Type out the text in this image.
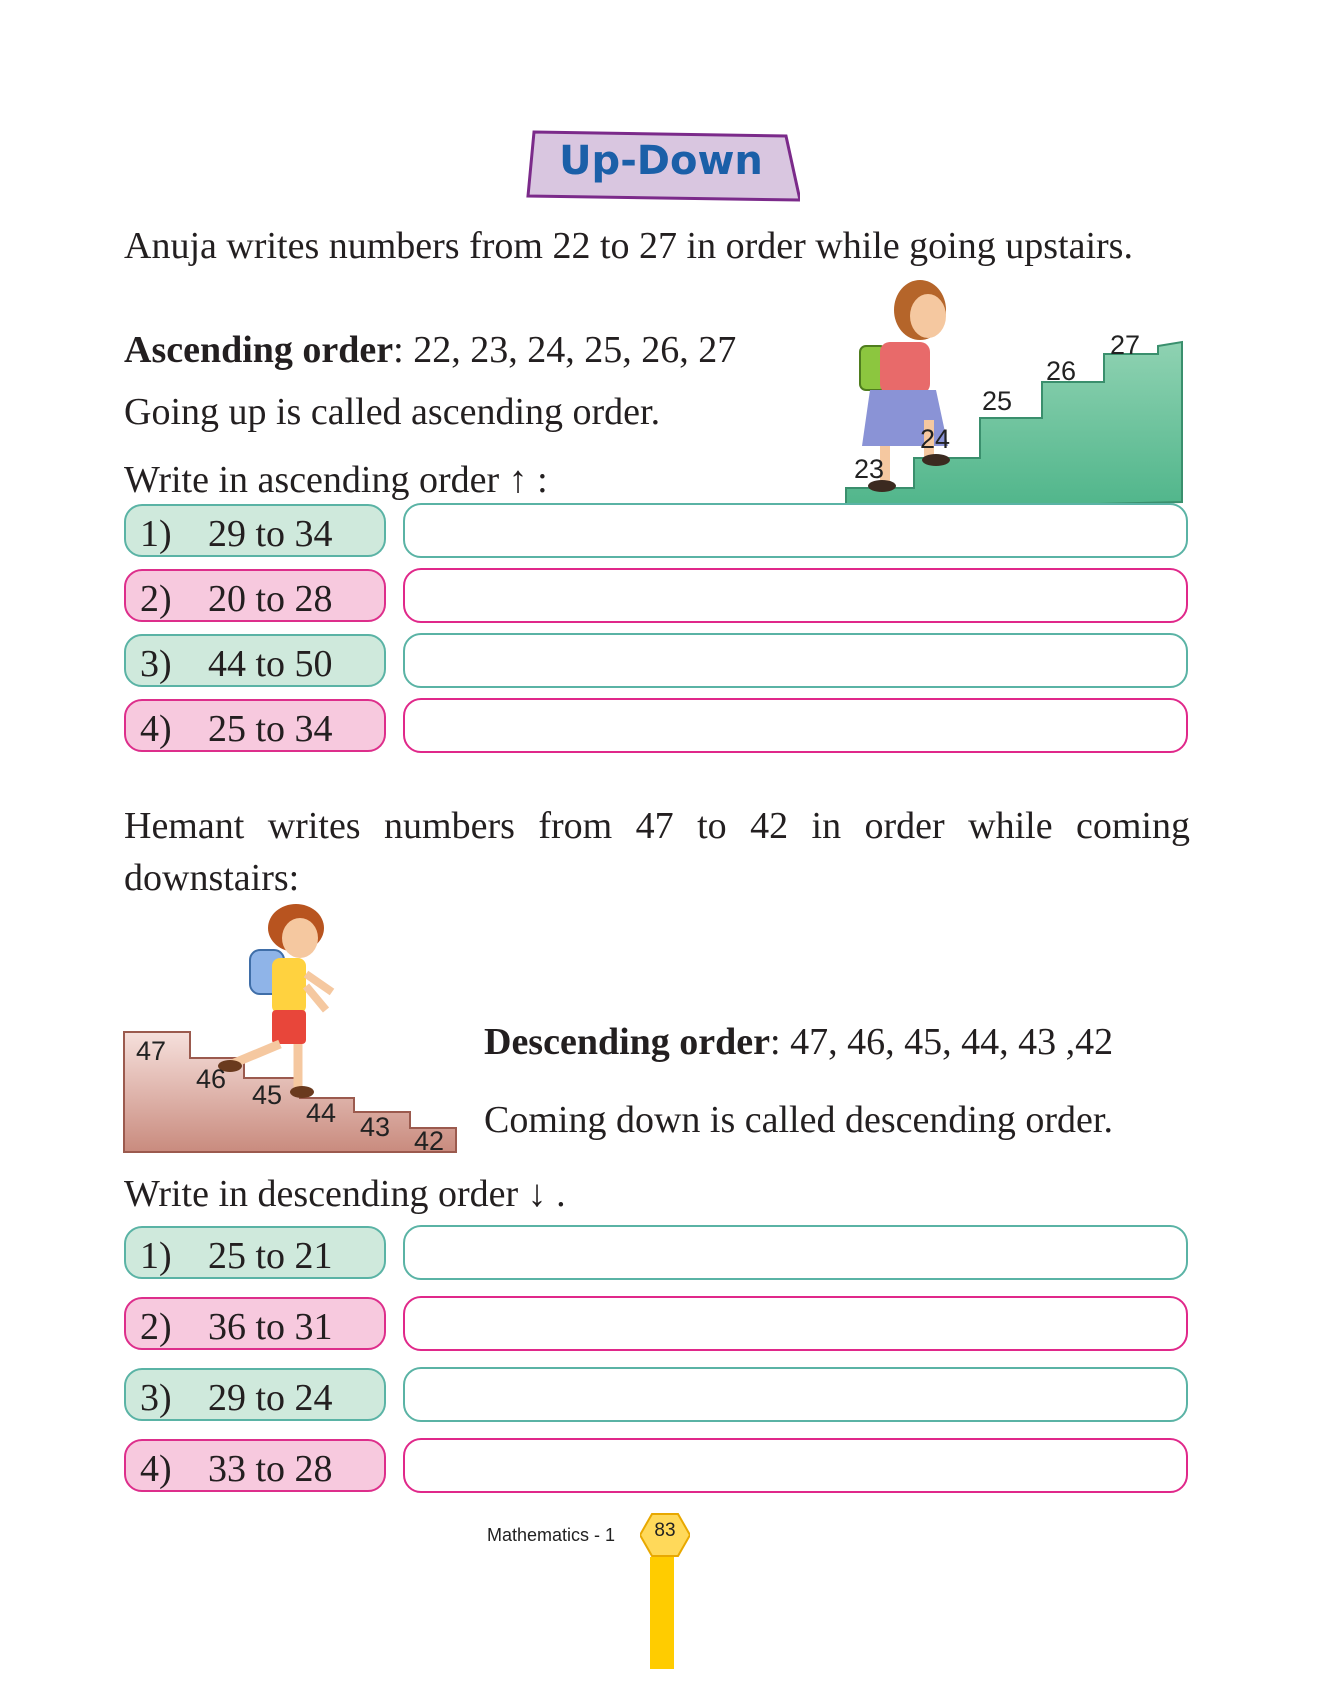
Up-Down
Anuja writes numbers from 22 to 27 in order while going upstairs.
Ascending order: 22, 23, 24, 25, 26, 27
Going up is called ascending order.
Write in ascending order ↑ :	23
24
25
26
27
1) 29 to 34
2) 20 to 28
3) 44 to 50
4) 25 to 34
Hemant writes numbers from 47 to 42 in order while coming
downstairs:
47
46
45
44 43 42
Descending order: 47, 46, 45, 44, 43 ,42
Coming down is called descending order.
Write in descending order ↓ .
1) 25 to 21
2) 36 to 31
3) 29 to 24
4) 33 to 28
Mathematics - 1	83
